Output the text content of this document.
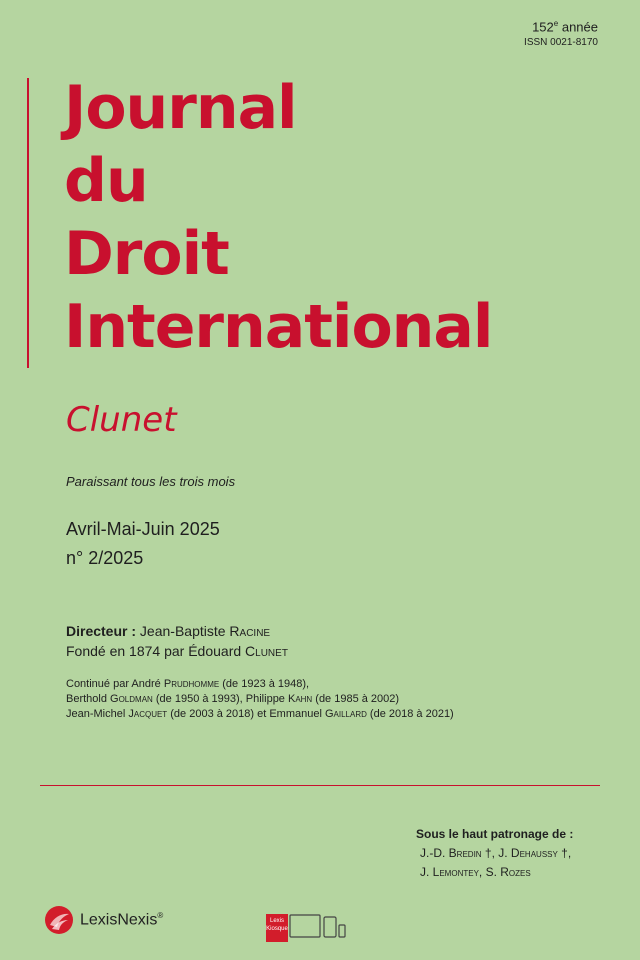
152e année
ISSN 0021-8170
Journal
du
Droit
International
Clunet
Paraissant tous les trois mois
Avril-Mai-Juin 2025
n° 2/2025
Directeur : Jean-Baptiste Racine
Fondé en 1874 par Édouard Clunet
Continué par André Prudhomme (de 1923 à 1948),
Berthold Goldman (de 1950 à 1993), Philippe Kahn (de 1985 à 2002)
Jean-Michel Jacquet (de 2003 à 2018) et Emmanuel Gaillard (de 2018 à 2021)
Sous le haut patronage de :
J.-D. Bredin †, J. Dehaussy †,
J. Lemontey, S. Rozes
LexisNexis®
Lexis
Kiosque
